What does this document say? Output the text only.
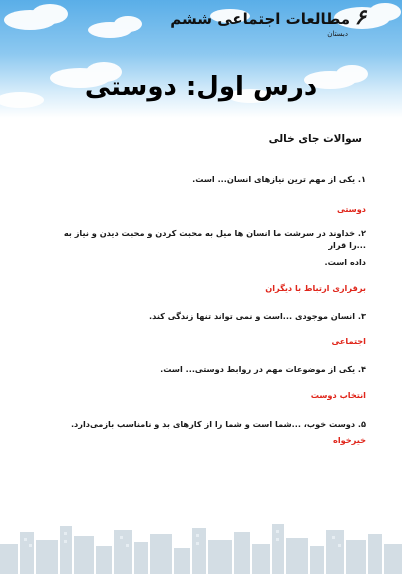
مطالعات اجتماعی ششم ۶
دبستان
درس اول: دوستی
سوالات جای خالی
۱. یکی از مهم ترین نیازهای انسان... است.
دوستی
۲. خداوند در سرشت ما انسان ها میل به محبت کردن و محبت دیدن و نیاز به ...را قرار
داده است.
برقراری ارتباط با دیگران
۳. انسان موجودی ...است و نمی تواند تنها زندگی کند.
اجتماعی
۴. یکی از موضوعات مهم در روابط دوستی... است.
انتخاب دوست
۵. دوست خوب، ...شما است و شما را از کارهای بد و نامناسب بازمی‌دارد.
خیرخواه
